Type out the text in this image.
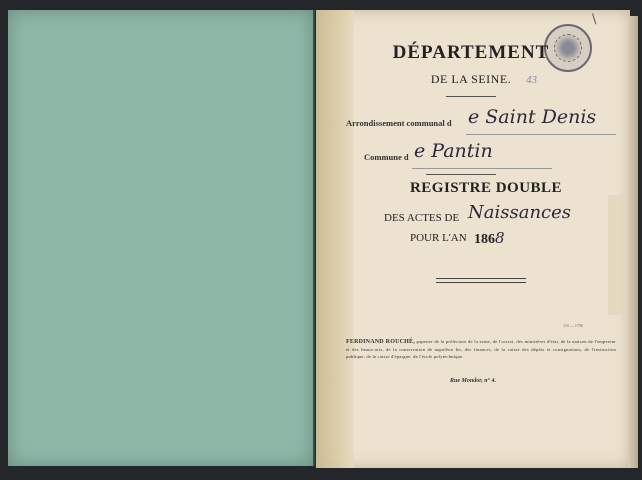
\
DÉPARTEMENT
DE LA SEINE.	43
Arrondissement communal d e Saint Denis
Commune d e Pantin
REGISTRE DOUBLE
DES ACTES DE Naissances
POUR L'AN 1868
110 — 1796
FERDINAND ROUCHÉ, papetier de la préfecture de la seine, de l'octroi, des ministères d'état, de la maison de l'empereur et des beaux-arts, de la conservation de napoléon Ier, des finances, de la caisse des dépôts et consignations, de l'instruction publique, de la caisse d'épargne, de l'école polytechnique.
Rue Mondor, n° 4.
